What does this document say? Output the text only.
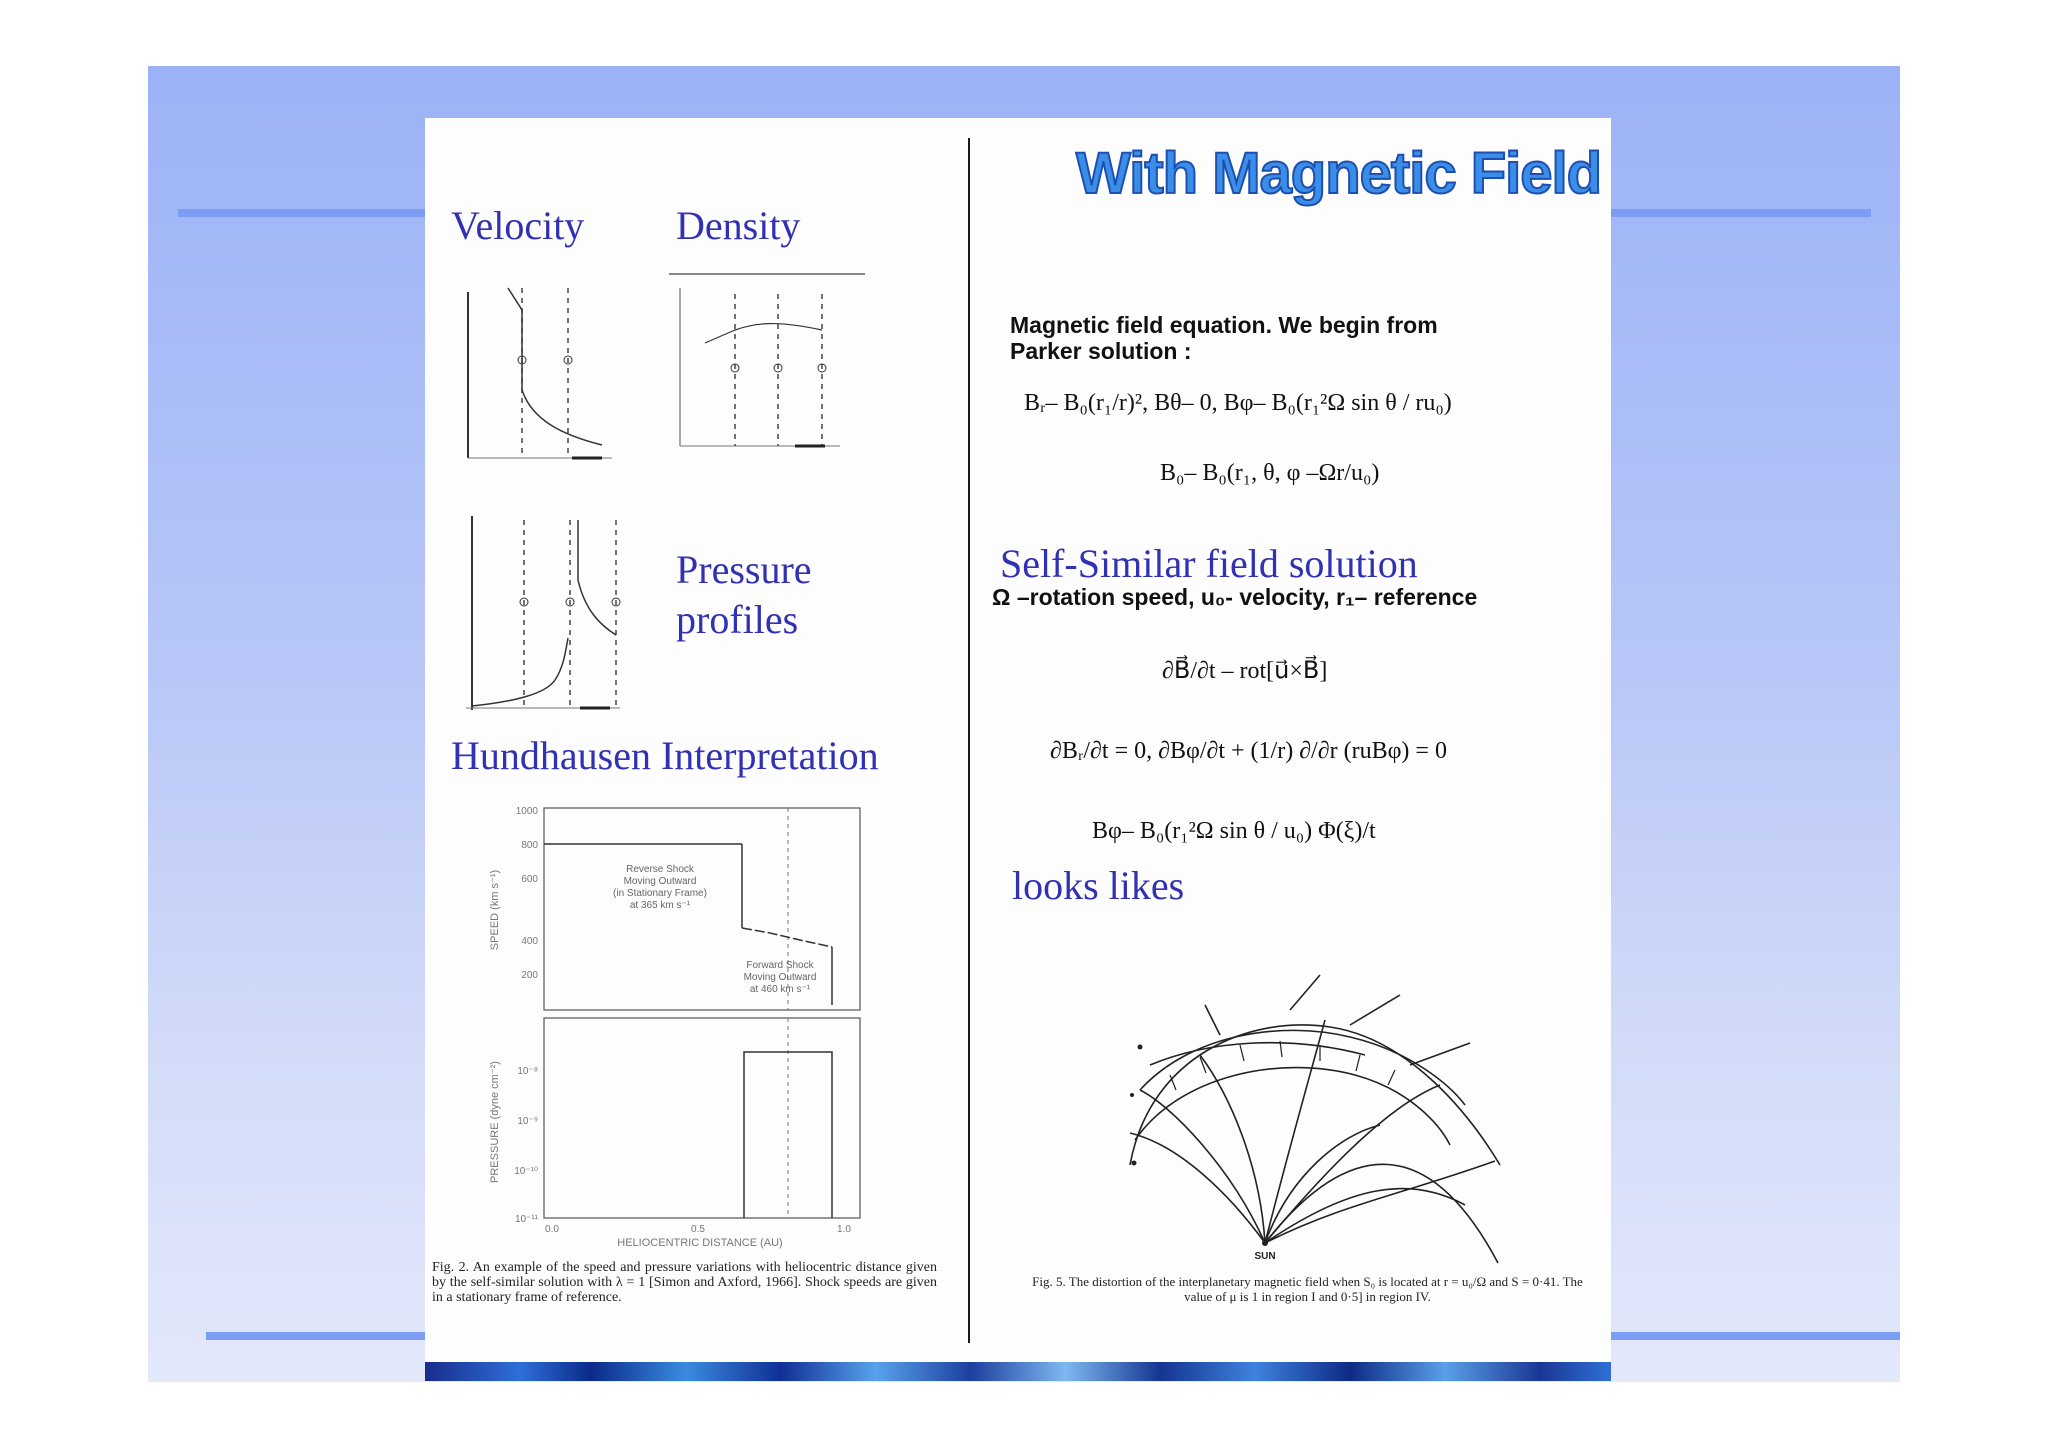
Velocity Density
Pressure
profiles
Hundhausen Interpretation
1000
800
600
400
200
SPEED (km s⁻¹)
Reverse Shock
Moving Outward
(in Stationary Frame)
at 365 km s⁻¹
Forward Shock
Moving Outward
at 460 km s⁻¹
10⁻⁸
10⁻⁹
10⁻¹⁰
10⁻¹¹
PRESSURE (dyne cm⁻²)
0.0	0.5	1.0
HELIOCENTRIC DISTANCE (AU)
Fig. 2. An example of the speed and pressure variations with heliocentric distance given by the self-similar solution with λ = 1 [Simon and Axford, 1966]. Shock speeds are given in a stationary frame of reference.
With Magnetic Field
Magnetic field equation. We begin from
Parker solution :
Bᵣ– B₀(r₁/r)², Bθ– 0, Bφ– B₀(r₁²Ω sin θ / ru₀)
B₀– B₀(r₁, θ, φ –Ωr/u₀)
Self-Similar field solution
Ω –rotation speed, u₀- velocity, r₁– reference
∂B⃗/∂t – rot[u⃗×B⃗]
∂Bᵣ/∂t = 0, ∂Bφ/∂t + (1/r) ∂/∂r (ruBφ) = 0
Bφ– B₀(r₁²Ω sin θ / u₀) Φ(ξ)/t
looks likes
SUN
Fig. 5. The distortion of the interplanetary magnetic field when S₀ is located at r = u₀/Ω and S = 0·41. The value of μ is 1 in region I and 0·5] in region IV.
